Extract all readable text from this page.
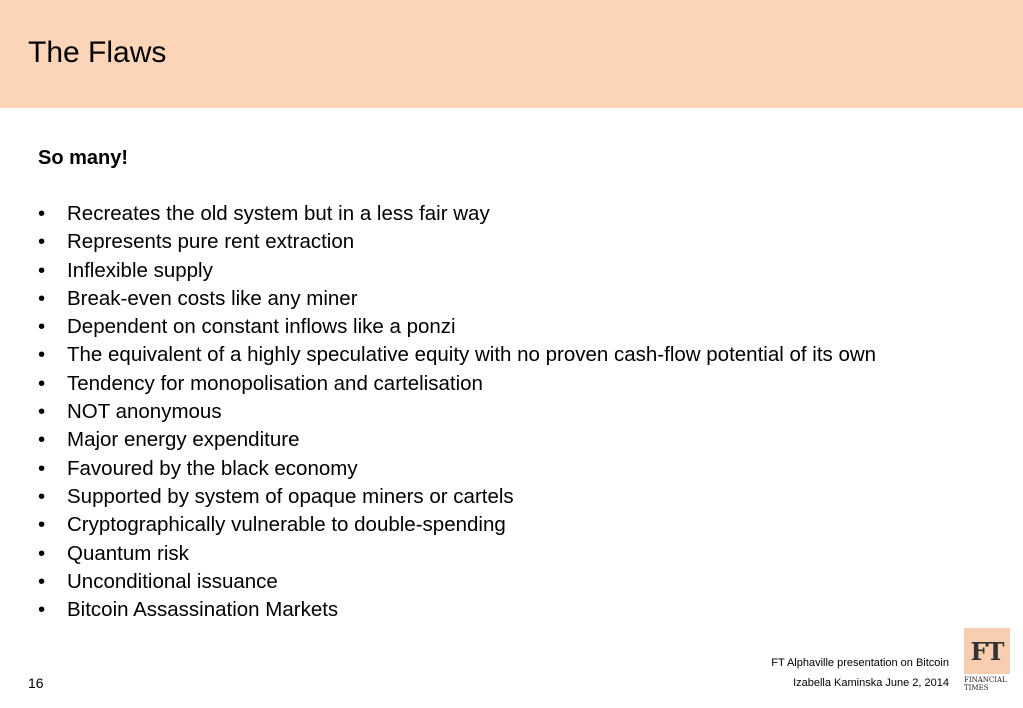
The Flaws
So many!
• Recreates the old system but in a less fair way
• Represents pure rent extraction
• Inflexible supply
• Break-even costs like any miner
• Dependent on constant inflows like a ponzi
• The equivalent of a highly speculative equity with no proven cash-flow potential of its own
• Tendency for monopolisation and cartelisation
• NOT anonymous
• Major energy expenditure
• Favoured by the black economy
• Supported by system of opaque miners or cartels
• Cryptographically vulnerable to double-spending
• Quantum risk
• Unconditional issuance
• Bitcoin Assassination Markets
16
FT Alphaville presentation on Bitcoin
Izabella Kaminska June 2, 2014
FT
FINANCIAL
TIMES
